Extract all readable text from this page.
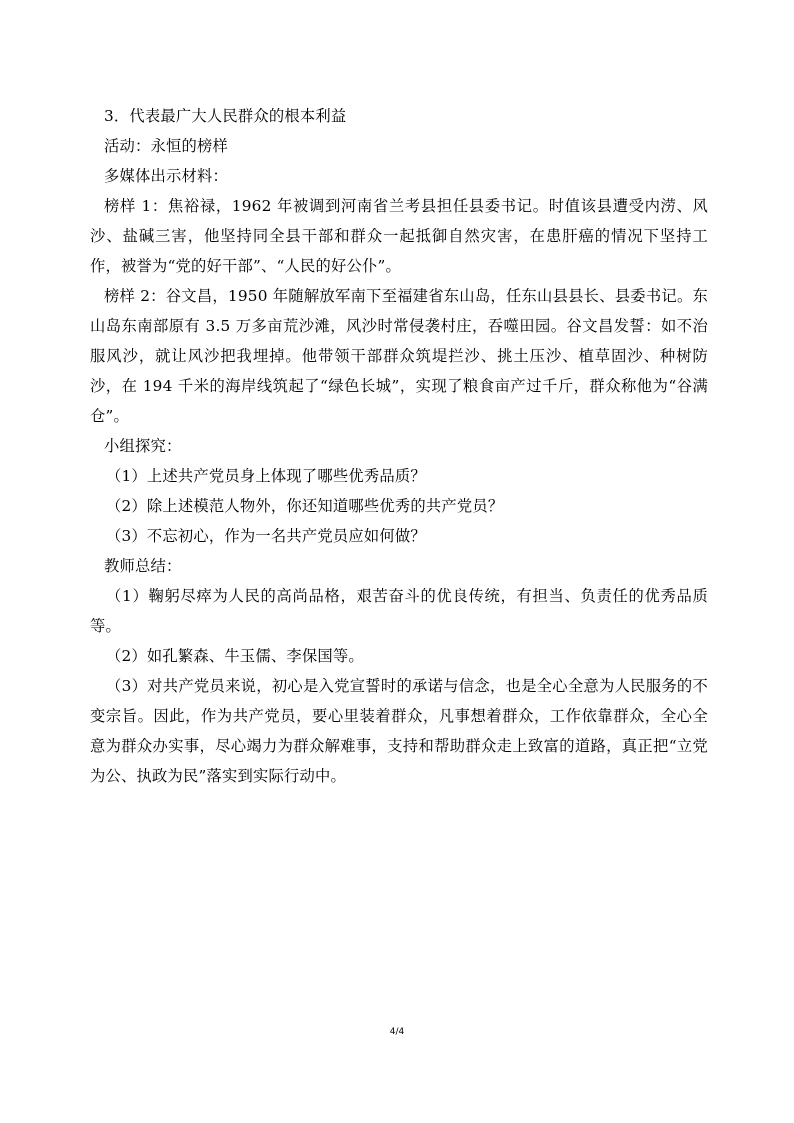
3．代表最广大人民群众的根本利益

活动：永恒的榜样

多媒体出示材料：

榜样 1：焦裕禄，1962 年被调到河南省兰考县担任县委书记。时值该县遭受内涝、风沙、盐碱三害，他坚持同全县干部和群众一起抵御自然灾害，在患肝癌的情况下坚持工作，被誉为“党的好干部”、“人民的好公仆”。

榜样 2：谷文昌，1950 年随解放军南下至福建省东山岛，任东山县县长、县委书记。东山岛东南部原有 3.5 万多亩荒沙滩，风沙时常侵袭村庄，吞噬田园。谷文昌发誓：如不治服风沙，就让风沙把我埋掉。他带领干部群众筑堤拦沙、挑土压沙、植草固沙、种树防沙，在 194 千米的海岸线筑起了“绿色长城”，实现了粮食亩产过千斤，群众称他为“谷满仓”。

小组探究：

（1）上述共产党员身上体现了哪些优秀品质？

（2）除上述模范人物外，你还知道哪些优秀的共产党员？

（3）不忘初心，作为一名共产党员应如何做？

教师总结：

（1）鞠躬尽瘁为人民的高尚品格，艰苦奋斗的优良传统，有担当、负责任的优秀品质等。

（2）如孔繁森、牛玉儒、李保国等。

（3）对共产党员来说，初心是入党宣誓时的承诺与信念，也是全心全意为人民服务的不变宗旨。因此，作为共产党员，要心里装着群众，凡事想着群众，工作依靠群众，全心全意为群众办实事，尽心竭力为群众解难事，支持和帮助群众走上致富的道路，真正把“立党为公、执政为民”落实到实际行动中。

4/4
